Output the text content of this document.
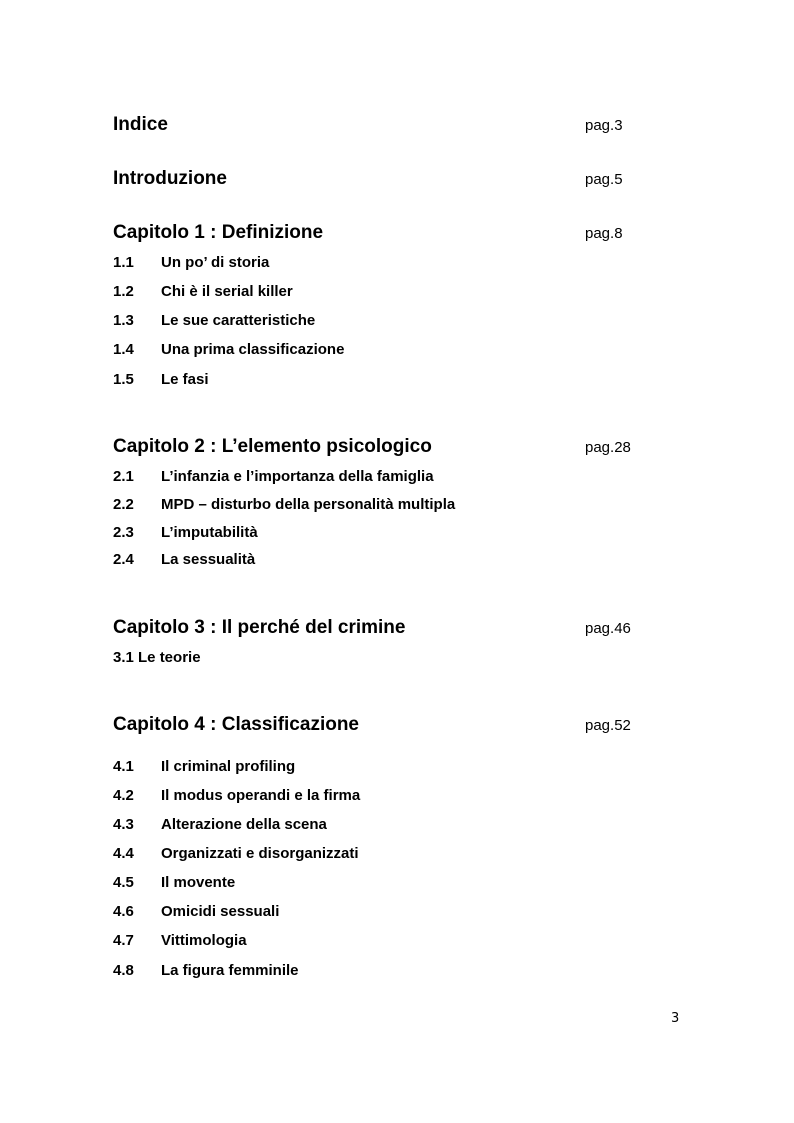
Indice	pag.3
Introduzione	pag.5
Capitolo 1 : Definizione	pag.8
1.1 Un po’ di storia
1.2 Chi è il serial killer
1.3 Le sue caratteristiche
1.4 Una prima classificazione
1.5 Le fasi
Capitolo 2 : L’elemento psicologico	pag.28
2.1 L’infanzia e l’importanza della famiglia
2.2 MPD – disturbo della personalità multipla
2.3 L’imputabilità
2.4 La sessualità
Capitolo 3 : Il perché del crimine	pag.46
3.1 Le teorie
Capitolo 4 : Classificazione	pag.52
4.1 Il criminal profiling
4.2 Il modus operandi e la firma
4.3 Alterazione della scena
4.4 Organizzati e disorganizzati
4.5 Il movente
4.6 Omicidi sessuali
4.7 Vittimologia
4.8 La figura femminile
3
